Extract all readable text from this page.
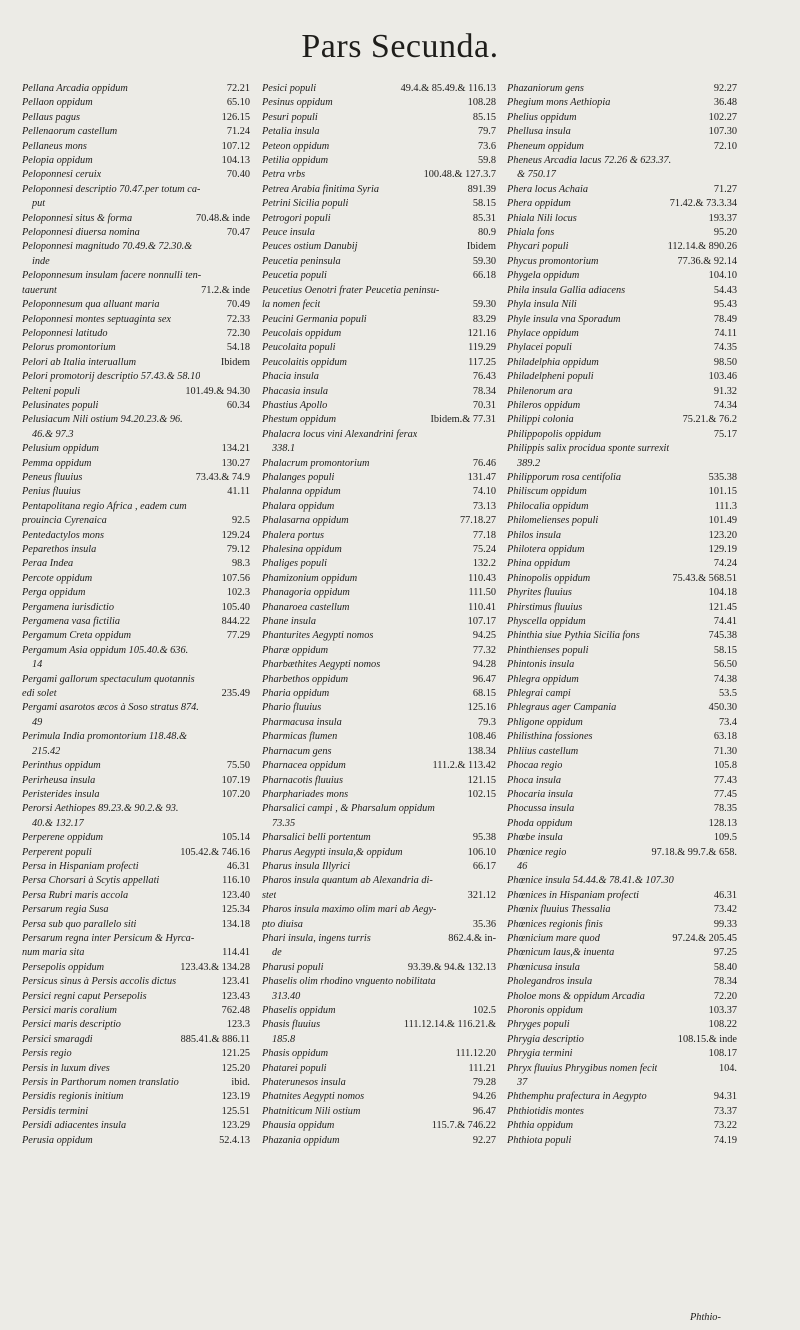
Pars Secunda.
Pellana Arcadia oppidum	72.21
Pellaon oppidum	65.10
Pellaus pagus	126.15
Pellenaorum castellum	71.24
Pellaneus mons	107.12
Pelopia oppidum	104.13
Peloponnesi ceruix	70.40
Peloponnesi descriptio 70.47.per totum ca-
put
Peloponnesi situs & forma	70.48.& inde
Peloponnesi diuersa nomina	70.47
Peloponnesi magnitudo 70.49.& 72.30.&
inde
Peloponnesum insulam facere nonnulli ten-
tauerunt	71.2.& inde
Peloponnesum qua alluant maria	70.49
Peloponnesi montes septuaginta sex	72.33
Peloponnesi latitudo	72.30
Pelorus promontorium	54.18
Pelori ab Italia interuallum	Ibidem
Pelori promotorij descriptio 57.43.& 58.10
Pelteni populi	101.49.& 94.30
Pelusinates populi	60.34
Pelusiacum Nili ostium 94.20.23.& 96.
46.& 97.3
Pelusium oppidum	134.21
Pemma oppidum	130.27
Peneus fluuius	73.43.& 74.9
Penius fluuius	41.11
Pentapolitana regio Africa , eadem cum
prouincia Cyrenaica	92.5
Pentedactylos mons	129.24
Peparethos insula	79.12
Peraa Indea	98.3
Percote oppidum	107.56
Perga oppidum	102.3
Pergamena iurisdictio	105.40
Pergamena vasa fictilia	844.22
Pergamum Creta oppidum	77.29
Pergamum Asia oppidum 105.40.& 636.
14
Pergami gallorum spectaculum quotannis
edi solet	235.49
Pergami asarotos æcos à Soso stratus 874.
49
Perimula India promontorium 118.48.&
215.42
Perinthus oppidum	75.50
Perirheusa insula	107.19
Peristerides insula	107.20
Perorsi Aethiopes 89.23.& 90.2.& 93.
40.& 132.17
Perperene oppidum	105.14
Perperent populi	105.42.& 746.16
Persa in Hispaniam profecti	46.31
Persa Chorsari à Scytis appellati	116.10
Persa Rubri maris accola	123.40
Persarum regia Susa	125.34
Persa sub quo parallelo siti	134.18
Persarum regna inter Persicum & Hyrca-
num maria sita	114.41
Persepolis oppidum	123.43.& 134.28
Persicus sinus à Persis accolis dictus	123.41
Persici regni caput Persepolis	123.43
Persici maris coralium	762.48
Persici maris descriptio	123.3
Persici smaragdi	885.41.& 886.11
Persis regio	121.25
Persis in luxum dives	125.20
Persis in Parthorum nomen translatio	ibid.
Persidis regionis initium	123.19
Persidis termini	125.51
Persidi adiacentes insula	123.29
Perusia oppidum	52.4.13
Pesici populi	49.4.& 85.49.& 116.13
Pesinus oppidum	108.28
Pesuri populi	85.15
Petalia insula	79.7
Peteon oppidum	73.6
Petilia oppidum	59.8
Petra vrbs	100.48.& 127.3.7
Petrea Arabia finitima Syria	891.39
Petrini Sicilia populi	58.15
Petrogori populi	85.31
Peuce insula	80.9
Peuces ostium Danubij	Ibidem
Peucetia peninsula	59.30
Peucetia populi	66.18
Peucetius Oenotri frater Peucetia peninsu-
la nomen fecit	59.30
Peucini Germania populi	83.29
Peucolais oppidum	121.16
Peucolaita populi	119.29
Peucolaitis oppidum	117.25
Phacia insula	76.43
Phacasia insula	78.34
Phastius Apollo	70.31
Phestum oppidum	Ibidem.& 77.31
Phalacra locus vini Alexandrini ferax
338.1
Phalacrum promontorium	76.46
Phalanges populi	131.47
Phalanna oppidum	74.10
Phalara oppidum	73.13
Phalasarna oppidum	77.18.27
Phalera portus	77.18
Phalesina oppidum	75.24
Phaliges populi	132.2
Phamizonium oppidum	110.43
Phanagoria oppidum	111.50
Phanaroea castellum	110.41
Phane insula	107.17
Phanturites Aegypti nomos	94.25
Pharæ oppidum	77.32
Pharbæthites Aegypti nomos	94.28
Pharbethos oppidum	96.47
Pharia oppidum	68.15
Phario fluuius	125.16
Pharmacusa insula	79.3
Pharmicas flumen	108.46
Pharnacum gens	138.34
Pharnacea oppidum	111.2.& 113.42
Pharnacotis fluuius	121.15
Pharphariades mons	102.15
Pharsalici campi , & Pharsalum oppidum
73.35
Pharsalici belli portentum	95.38
Pharus Aegypti insula,& oppidum	106.10
Pharus insula Illyrici	66.17
Pharos insula quantum ab Alexandria di-
stet	321.12
Pharos insula maximo olim mari ab Aegy-
pto diuisa	35.36
Phari insula, ingens turris	862.4.& in-
de
Pharusi populi	93.39.& 94.& 132.13
Phaselis olim rhodino vnguento nobilitata
313.40
Phaselis oppidum	102.5
Phasis fluuius	111.12.14.& 116.21.&
185.8
Phasis oppidum	111.12.20
Phatarei populi	111.21
Phaterunesos insula	79.28
Phatnites Aegypti nomos	94.26
Phatniticum Nili ostium	96.47
Phausia oppidum	115.7.& 746.22
Phazania oppidum	92.27
Phazaniorum gens	92.27
Phegium mons Aethiopia	36.48
Phelius oppidum	102.27
Phellusa insula	107.30
Pheneum oppidum	72.10
Pheneus Arcadia lacus 72.26 & 623.37.
& 750.17
Phera locus Achaia	71.27
Phera oppidum	71.42.& 73.3.34
Phiala Nili locus	193.37
Phiala fons	95.20
Phycari populi	112.14.& 890.26
Phycus promontorium	77.36.& 92.14
Phygela oppidum	104.10
Phila insula Gallia adiacens	54.43
Phyla insula Nili	95.43
Phyle insula vna Sporadum	78.49
Phylace oppidum	74.11
Phylacei populi	74.35
Philadelphia oppidum	98.50
Philadelpheni populi	103.46
Philenorum ara	91.32
Phileros oppidum	74.34
Philippi colonia	75.21.& 76.2
Philippopolis oppidum	75.17
Philippis salix procidua sponte surrexit
389.2
Philipporum rosa centifolia	535.38
Philiscum oppidum	101.15
Philocalia oppidum	111.3
Philomelienses populi	101.49
Philos insula	123.20
Philotera oppidum	129.19
Phina oppidum	74.24
Phinopolis oppidum	75.43.& 568.51
Phyrites fluuius	104.18
Phirstimus fluuius	121.45
Physcella oppidum	74.41
Phinthia siue Pythia Sicilia fons	745.38
Phinthienses populi	58.15
Phintonis insula	56.50
Phlegra oppidum	74.38
Phlegrai campi	53.5
Phlegraus ager Campania	450.30
Phligone oppidum	73.4
Philisthina fossiones	63.18
Phliius castellum	71.30
Phocaa regio	105.8
Phoca insula	77.43
Phocaria insula	77.45
Phocussa insula	78.35
Phoda oppidum	128.13
Phœbe insula	109.5
Phœnice regio	97.18.& 99.7.& 658.
46
Phœnice insula 54.44.& 78.41.& 107.30
Phœnices in Hispaniam profecti	46.31
Phœnix fluuius Thessalia	73.42
Phœnices regionis finis	99.33
Phœnicium mare quod	97.24.& 205.45
Phœnicum laus,& inuenta	97.25
Phœnicusa insula	58.40
Pholegandros insula	78.34
Pholoe mons & oppidum Arcadia	72.20
Phoronis oppidum	103.37
Phryges populi	108.22
Phrygia descriptio	108.15.& inde
Phrygia termini	108.17
Phryx fluuius Phrygibus nomen fecit	104.
37
Phthemphu prafectura in Aegypto	94.31
Phthiotidis montes	73.37
Phthia oppidum	73.22
Phthiota populi	74.19
Phthio-
